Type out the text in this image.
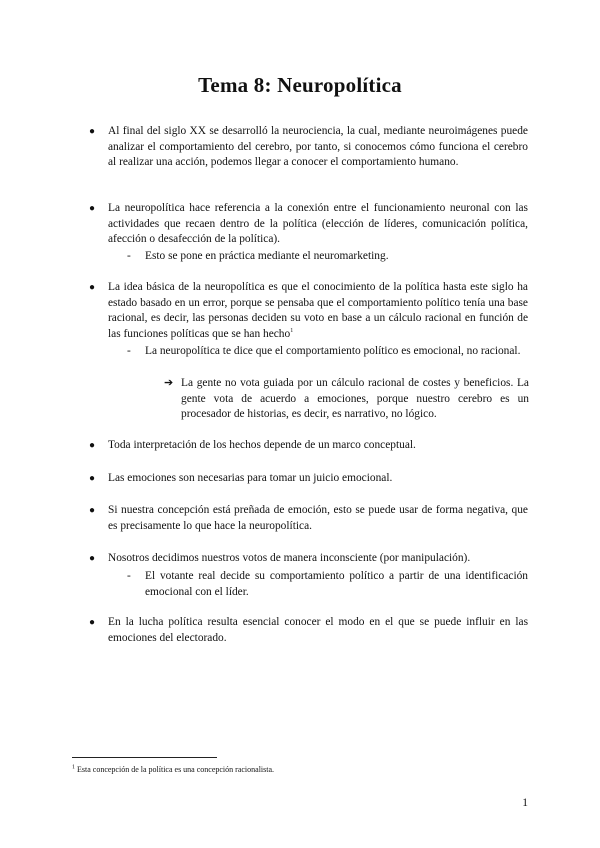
Tema 8: Neuropolítica
● Al final del siglo XX se desarrolló la neurociencia, la cual, mediante neuroimágenes puede analizar el comportamiento del cerebro, por tanto, si conocemos cómo funciona el cerebro al realizar una acción, podemos llegar a conocer el comportamiento humano.
● La neuropolítica hace referencia a la conexión entre el funcionamiento neuronal con las actividades que recaen dentro de la política (elección de líderes, comunicación política, afección o desafección de la política).
- Esto se pone en práctica mediante el neuromarketing.
● La idea básica de la neuropolítica es que el conocimiento de la política hasta este siglo ha estado basado en un error, porque se pensaba que el comportamiento político tenía una base racional, es decir, las personas deciden su voto en base a un cálculo racional en función de las funciones políticas que se han hecho$^1$
- La neuropolítica te dice que el comportamiento político es emocional, no racional.
➔ La gente no vota guiada por un cálculo racional de costes y beneficios. La gente vota de acuerdo a emociones, porque nuestro cerebro es un procesador de historias, es decir, es narrativo, no lógico.
● Toda interpretación de los hechos depende de un marco conceptual.
● Las emociones son necesarias para tomar un juicio emocional.
● Si nuestra concepción está preñada de emoción, esto se puede usar de forma negativa, que es precisamente lo que hace la neuropolítica.
● Nosotros decidimos nuestros votos de manera inconsciente (por manipulación).
- El votante real decide su comportamiento político a partir de una identificación emocional con el líder.
● En la lucha política resulta esencial conocer el modo en el que se puede influir en las emociones del electorado.
$^1$ Esta concepción de la política es una concepción racionalista.
1
